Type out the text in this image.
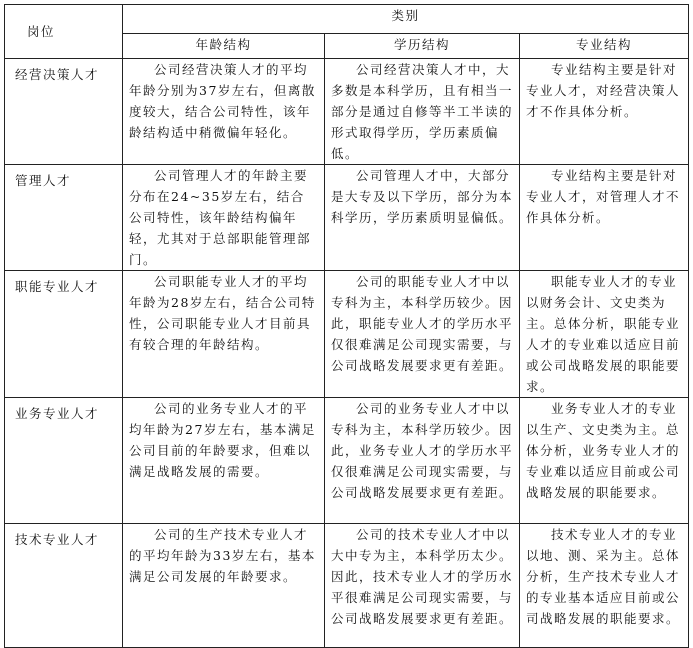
岗位	类别		
	年龄结构	学历结构	专业结构
经营决策人才	公司经营决策人才的平均年龄分别为37岁左右，但离散度较大，结合公司特性，该年龄结构适中稍微偏年轻化。	公司经营决策人才中，大多数是本科学历，且有相当一部分是通过自修等半工半读的形式取得学历，学历素质偏低。	专业结构主要是针对专业人才，对经营决策人才不作具体分析。
管理人才	公司管理人才的年龄主要分布在24~35岁左右，结合公司特性，该年龄结构偏年轻，尤其对于总部职能管理部门。	公司管理人才中，大部分是大专及以下学历，部分为本科学历，学历素质明显偏低。	专业结构主要是针对专业人才，对管理人才不作具体分析。
职能专业人才	公司职能专业人才的平均年龄为28岁左右，结合公司特性，公司职能专业人才目前具有较合理的年龄结构。	公司的职能专业人才中以专科为主，本科学历较少。因此，职能专业人才的学历水平仅很难满足公司现实需要，与公司战略发展要求更有差距。	职能专业人才的专业以财务会计、文史类为主。总体分析，职能专业人才的专业难以适应目前或公司战略发展的职能要求。
业务专业人才	公司的业务专业人才的平均年龄为27岁左右，基本满足公司目前的年龄要求，但难以满足战略发展的需要。	公司的业务专业人才中以专科为主，本科学历较少。因此，业务专业人才的学历水平仅很难满足公司现实需要，与公司战略发展要求更有差距。	业务专业人才的专业以生产、文史类为主。总体分析，业务专业人才的专业难以适应目前或公司战略发展的职能要求。
技术专业人才	公司的生产技术专业人才的平均年龄为33岁左右，基本满足公司发展的年龄要求。	公司的技术专业人才中以大中专为主，本科学历太少。因此，技术专业人才的学历水平很难满足公司现实需要，与公司战略发展要求更有差距。	技术专业人才的专业以地、测、采为主。总体分析，生产技术专业人才的专业基本适应目前或公司战略发展的职能要求。
